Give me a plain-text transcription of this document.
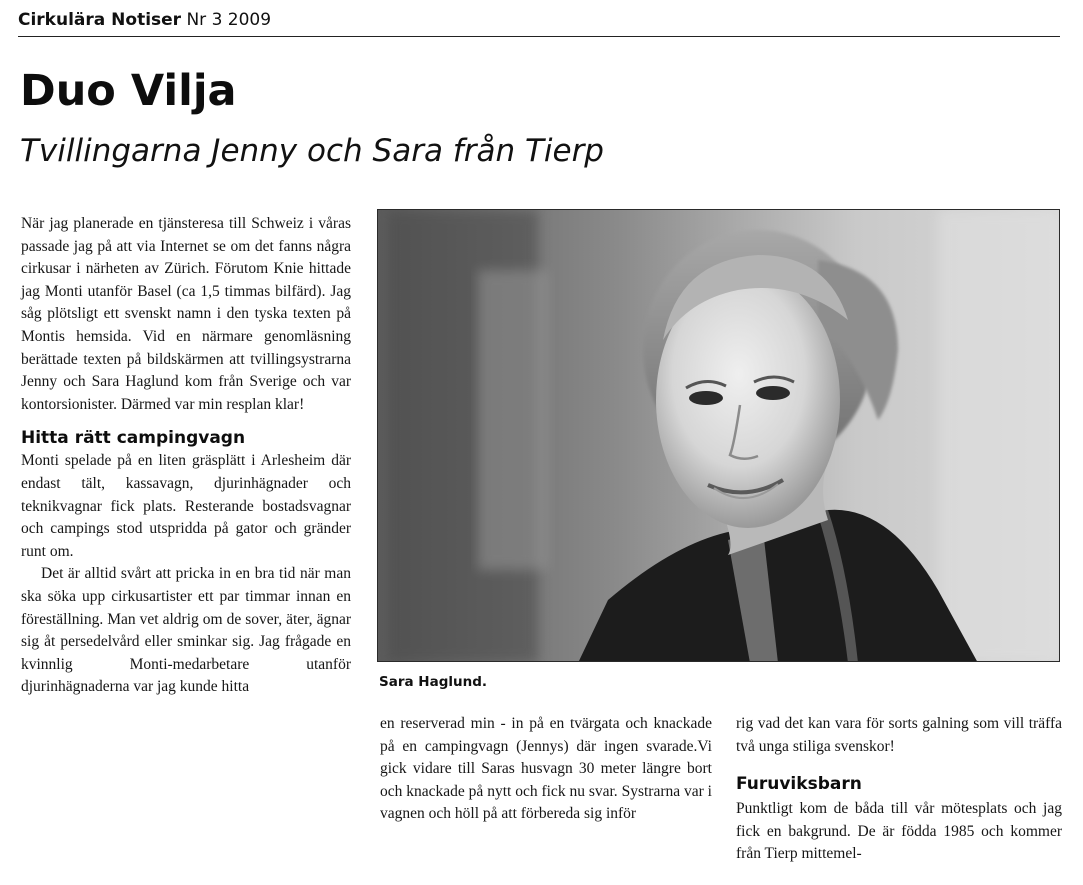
Cirkulära Notiser Nr 3 2009
Duo Vilja
Tvillingarna Jenny och Sara från Tierp

När jag planerade en tjänsteresa till Schweiz i våras passade jag på att via Internet se om det fanns några cirkusar i närheten av Zürich. Förutom Knie hittade jag Monti utanför Basel (ca 1,5 timmas bilfärd). Jag såg plötsligt ett svenskt namn i den tyska texten på Montis hemsida. Vid en närmare genomläsning berättade texten på bildskärmen att tvillingsystrarna Jenny och Sara Haglund kom från Sverige och var kontorsionister. Därmed var min resplan klar!

Hitta rätt campingvagn

Monti spelade på en liten gräsplätt i Arlesheim där endast tält, kassavagn, djurinhägnader och teknikvagnar fick plats. Resterande bostadsvagnar och campings stod utspridda på gator och gränder runt om.

Det är alltid svårt att pricka in en bra tid när man ska söka upp cirkusartister ett par timmar innan en föreställning. Man vet aldrig om de sover, äter, ägnar sig åt persedelvård eller sminkar sig. Jag frågade en kvinnlig Monti-medarbetare utanför djurinhägnaderna var jag kunde hitta	Sara Haglund.

en reserverad min - in på en tvärgata och knackade på en campingvagn (Jennys) där ingen svarade.Vi gick vidare till Saras husvagn 30 meter längre bort och knackade på nytt och fick nu svar. Systrarna var i vagnen och höll på att förbereda sig inför

rig vad det kan vara för sorts galning som vill träffa två unga stiliga svenskor!

Furuviksbarn

Punktligt kom de båda till vår mötesplats och jag fick en bakgrund. De är födda 1985 och kommer från Tierp mittemel-
